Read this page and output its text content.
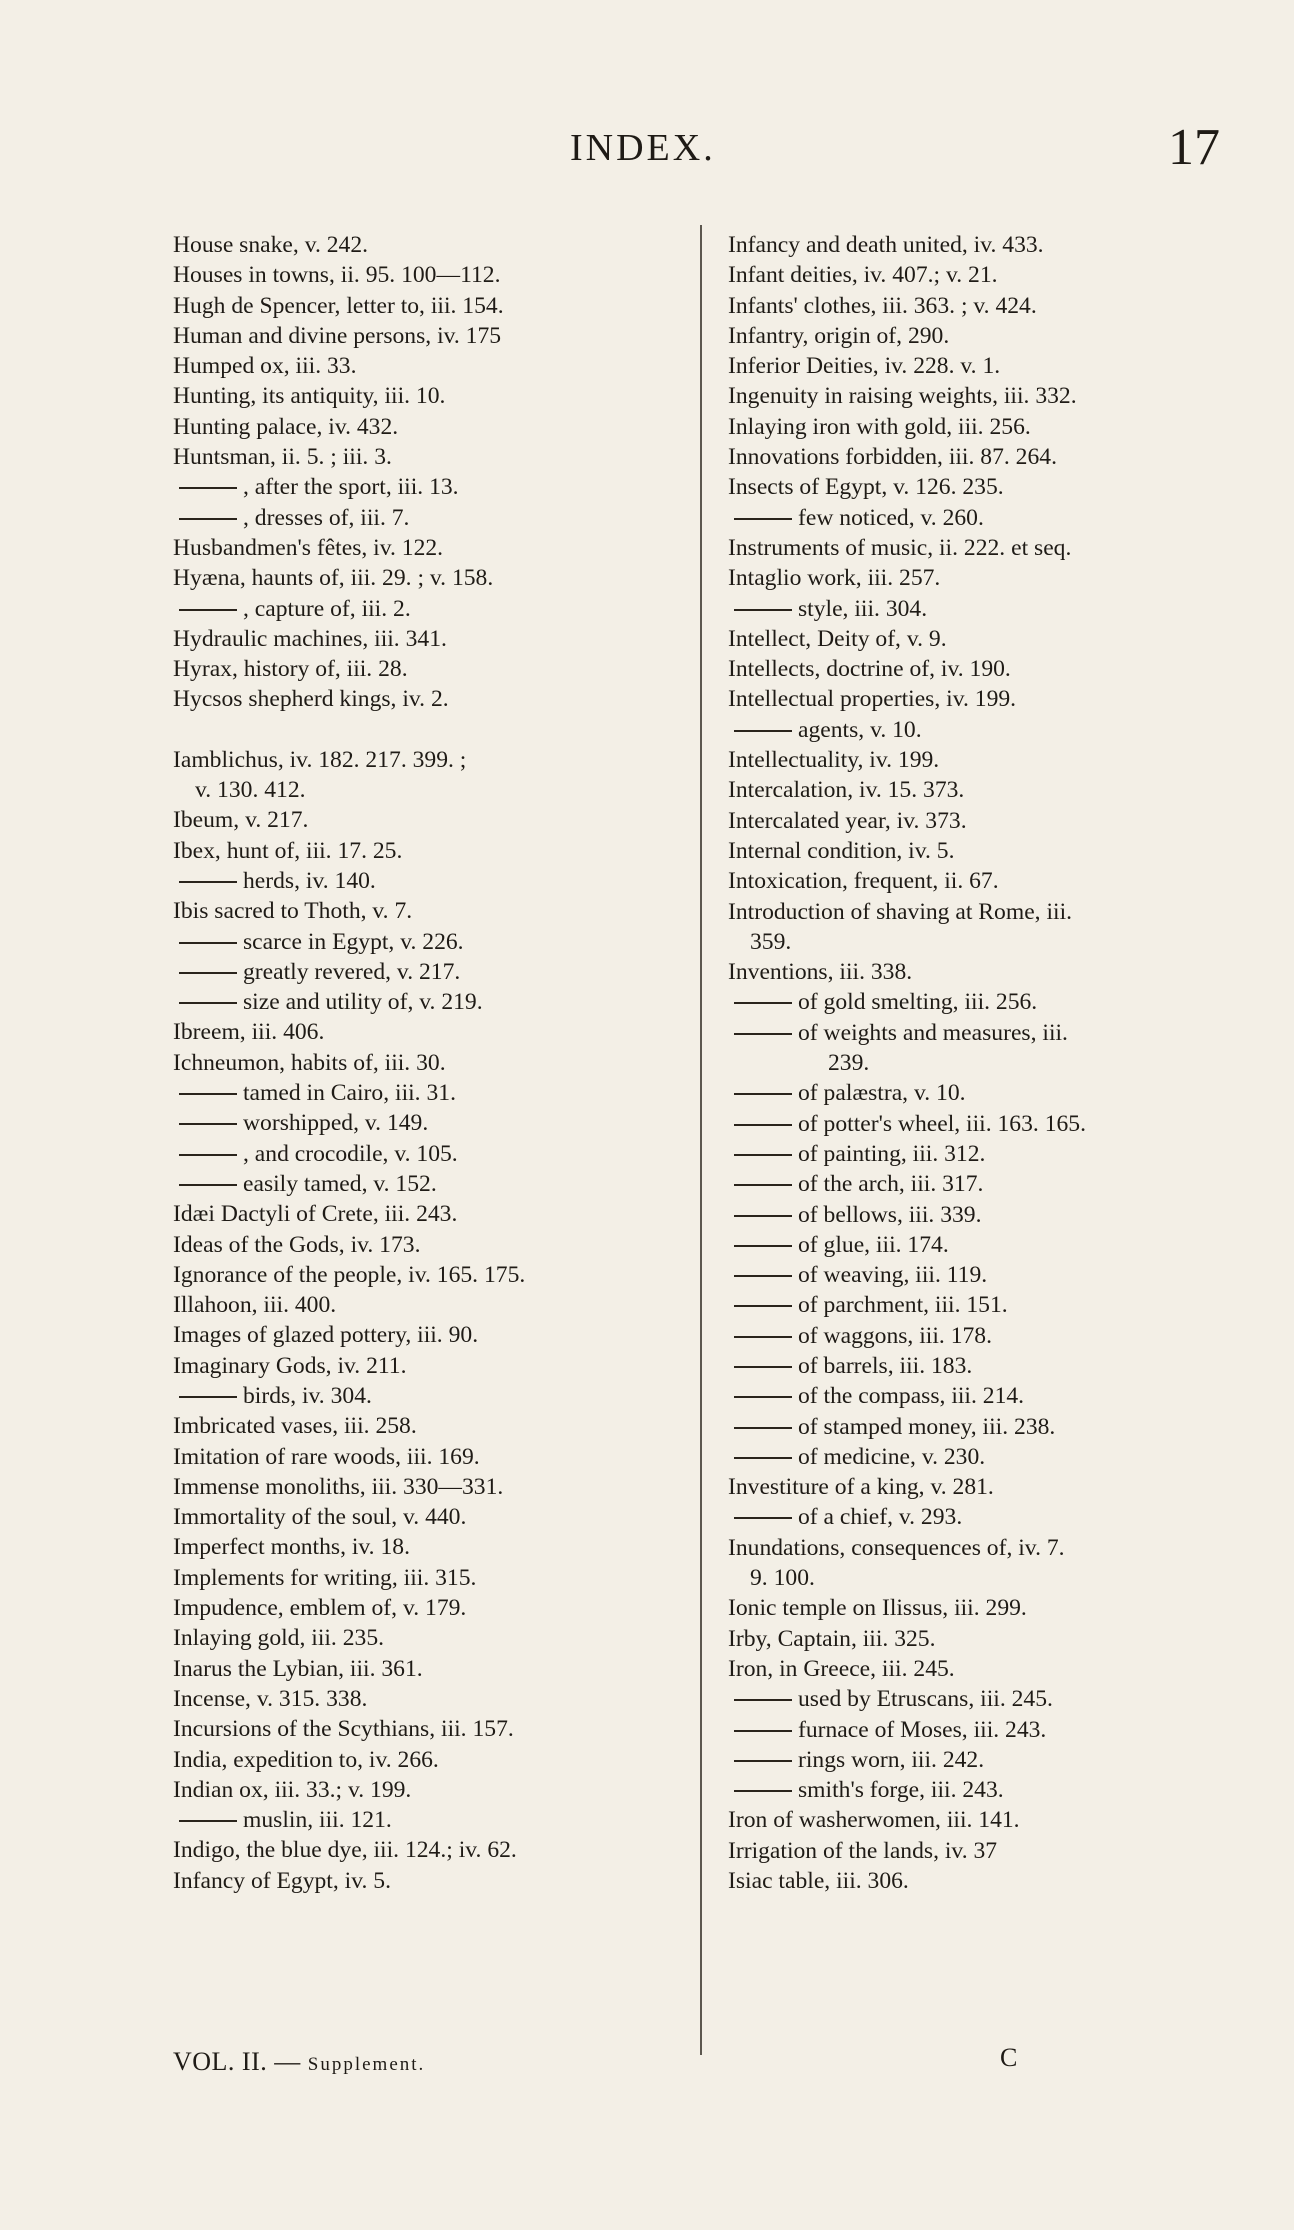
INDEX.	17
House snake, v. 242.
Houses in towns, ii. 95. 100—112.
Hugh de Spencer, letter to, iii. 154.
Human and divine persons, iv. 175
Humped ox, iii. 33.
Hunting, its antiquity, iii. 10.
Hunting palace, iv. 432.
Huntsman, ii. 5. ; iii. 3.
, after the sport, iii. 13.
, dresses of, iii. 7.
Husbandmen's fêtes, iv. 122.
Hyæna, haunts of, iii. 29. ; v. 158.
, capture of, iii. 2.
Hydraulic machines, iii. 341.
Hyrax, history of, iii. 28.
Hycsos shepherd kings, iv. 2.
Iamblichus, iv. 182. 217. 399. ;
v. 130. 412.
Ibeum, v. 217.
Ibex, hunt of, iii. 17. 25.
herds, iv. 140.
Ibis sacred to Thoth, v. 7.
scarce in Egypt, v. 226.
greatly revered, v. 217.
size and utility of, v. 219.
Ibreem, iii. 406.
Ichneumon, habits of, iii. 30.
tamed in Cairo, iii. 31.
worshipped, v. 149.
, and crocodile, v. 105.
easily tamed, v. 152.
Idæi Dactyli of Crete, iii. 243.
Ideas of the Gods, iv. 173.
Ignorance of the people, iv. 165. 175.
Illahoon, iii. 400.
Images of glazed pottery, iii. 90.
Imaginary Gods, iv. 211.
birds, iv. 304.
Imbricated vases, iii. 258.
Imitation of rare woods, iii. 169.
Immense monoliths, iii. 330—331.
Immortality of the soul, v. 440.
Imperfect months, iv. 18.
Implements for writing, iii. 315.
Impudence, emblem of, v. 179.
Inlaying gold, iii. 235.
Inarus the Lybian, iii. 361.
Incense, v. 315. 338.
Incursions of the Scythians, iii. 157.
India, expedition to, iv. 266.
Indian ox, iii. 33.; v. 199.
muslin, iii. 121.
Indigo, the blue dye, iii. 124.; iv. 62.
Infancy of Egypt, iv. 5.
Infancy and death united, iv. 433.
Infant deities, iv. 407.; v. 21.
Infants' clothes, iii. 363. ; v. 424.
Infantry, origin of, 290.
Inferior Deities, iv. 228. v. 1.
Ingenuity in raising weights, iii. 332.
Inlaying iron with gold, iii. 256.
Innovations forbidden, iii. 87. 264.
Insects of Egypt, v. 126. 235.
few noticed, v. 260.
Instruments of music, ii. 222. et seq.
Intaglio work, iii. 257.
style, iii. 304.
Intellect, Deity of, v. 9.
Intellects, doctrine of, iv. 190.
Intellectual properties, iv. 199.
agents, v. 10.
Intellectuality, iv. 199.
Intercalation, iv. 15. 373.
Intercalated year, iv. 373.
Internal condition, iv. 5.
Intoxication, frequent, ii. 67.
Introduction of shaving at Rome, iii.
359.
Inventions, iii. 338.
of gold smelting, iii. 256.
of weights and measures, iii.
239.
of palæstra, v. 10.
of potter's wheel, iii. 163. 165.
of painting, iii. 312.
of the arch, iii. 317.
of bellows, iii. 339.
of glue, iii. 174.
of weaving, iii. 119.
of parchment, iii. 151.
of waggons, iii. 178.
of barrels, iii. 183.
of the compass, iii. 214.
of stamped money, iii. 238.
of medicine, v. 230.
Investiture of a king, v. 281.
of a chief, v. 293.
Inundations, consequences of, iv. 7.
9. 100.
Ionic temple on Ilissus, iii. 299.
Irby, Captain, iii. 325.
Iron, in Greece, iii. 245.
used by Etruscans, iii. 245.
furnace of Moses, iii. 243.
rings worn, iii. 242.
smith's forge, iii. 243.
Iron of washerwomen, iii. 141.
Irrigation of the lands, iv. 37
Isiac table, iii. 306.
VOL. II. — Supplement.	C
